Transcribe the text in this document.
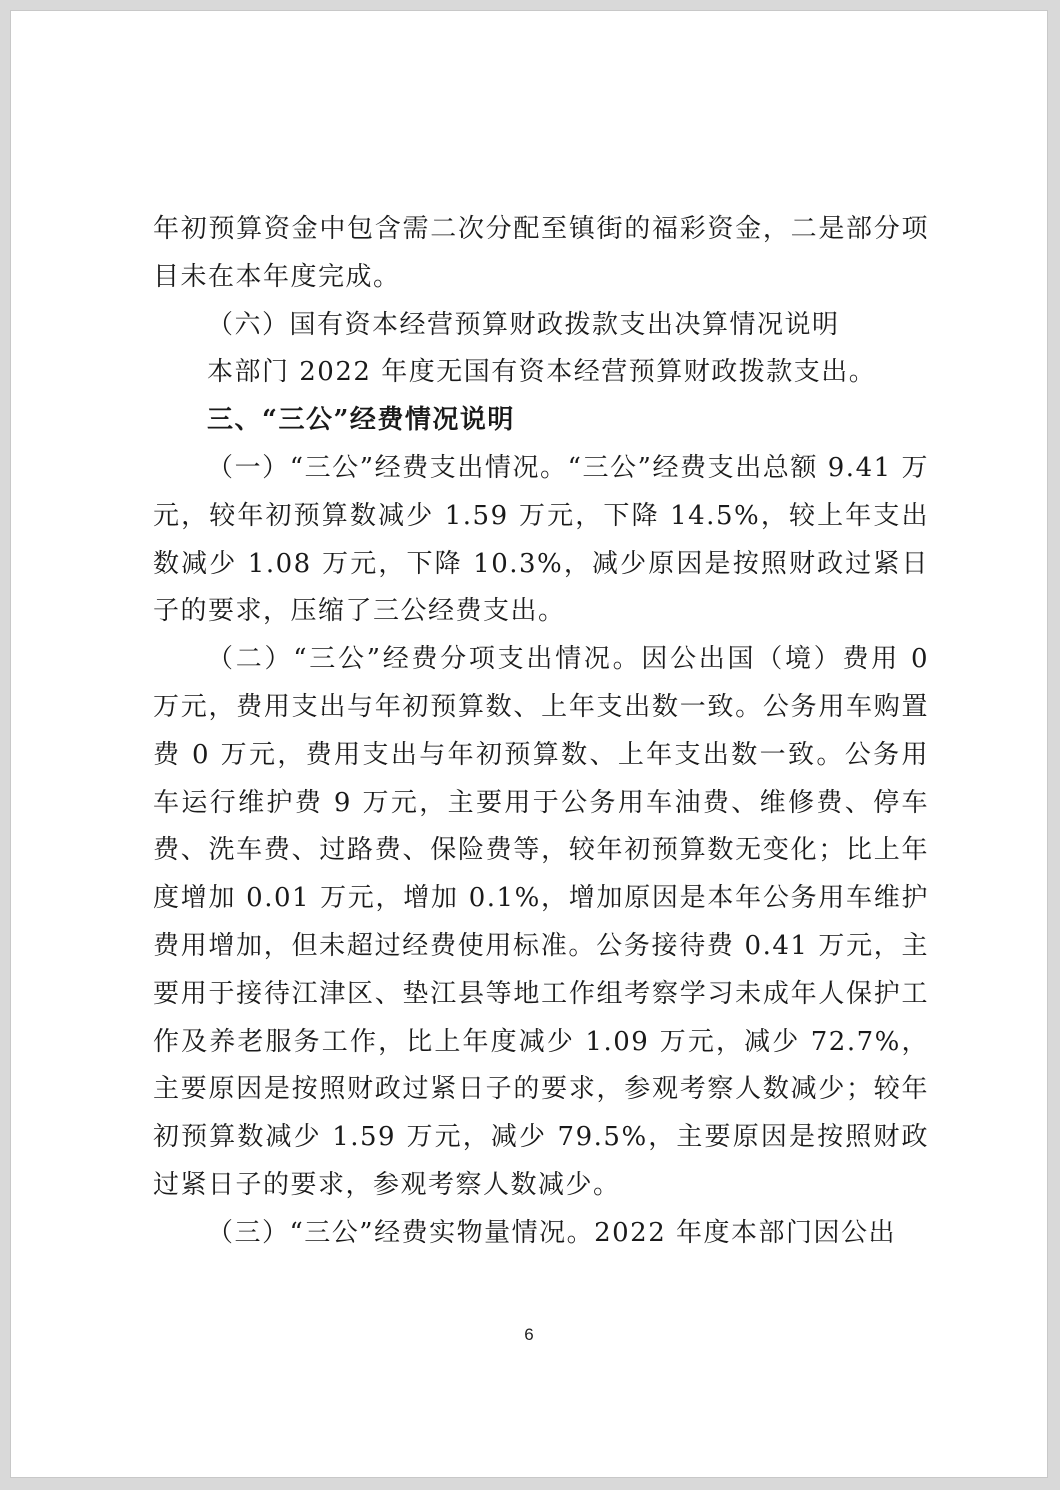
年初预算资金中包含需二次分配至镇街的福彩资金，二是部分项目未在本年度完成。

（六）国有资本经营预算财政拨款支出决算情况说明

本部门 2022 年度无国有资本经营预算财政拨款支出。

三、“三公”经费情况说明

（一）“三公”经费支出情况。“三公”经费支出总额 9.41 万元，较年初预算数减少 1.59 万元，下降 14.5%，较上年支出数减少 1.08 万元，下降 10.3%，减少原因是按照财政过紧日子的要求，压缩了三公经费支出。

（二）“三公”经费分项支出情况。因公出国（境）费用 0 万元，费用支出与年初预算数、上年支出数一致。公务用车购置费 0 万元，费用支出与年初预算数、上年支出数一致。公务用车运行维护费 9 万元，主要用于公务用车油费、维修费、停车费、洗车费、过路费、保险费等，较年初预算数无变化；比上年度增加 0.01 万元，增加 0.1%，增加原因是本年公务用车维护费用增加，但未超过经费使用标准。公务接待费 0.41 万元，主要用于接待江津区、垫江县等地工作组考察学习未成年人保护工作及养老服务工作，比上年度减少 1.09 万元，减少 72.7%，主要原因是按照财政过紧日子的要求，参观考察人数减少；较年初预算数减少 1.59 万元，减少 79.5%，主要原因是按照财政过紧日子的要求，参观考察人数减少。

（三）“三公”经费实物量情况。2022 年度本部门因公出

6
